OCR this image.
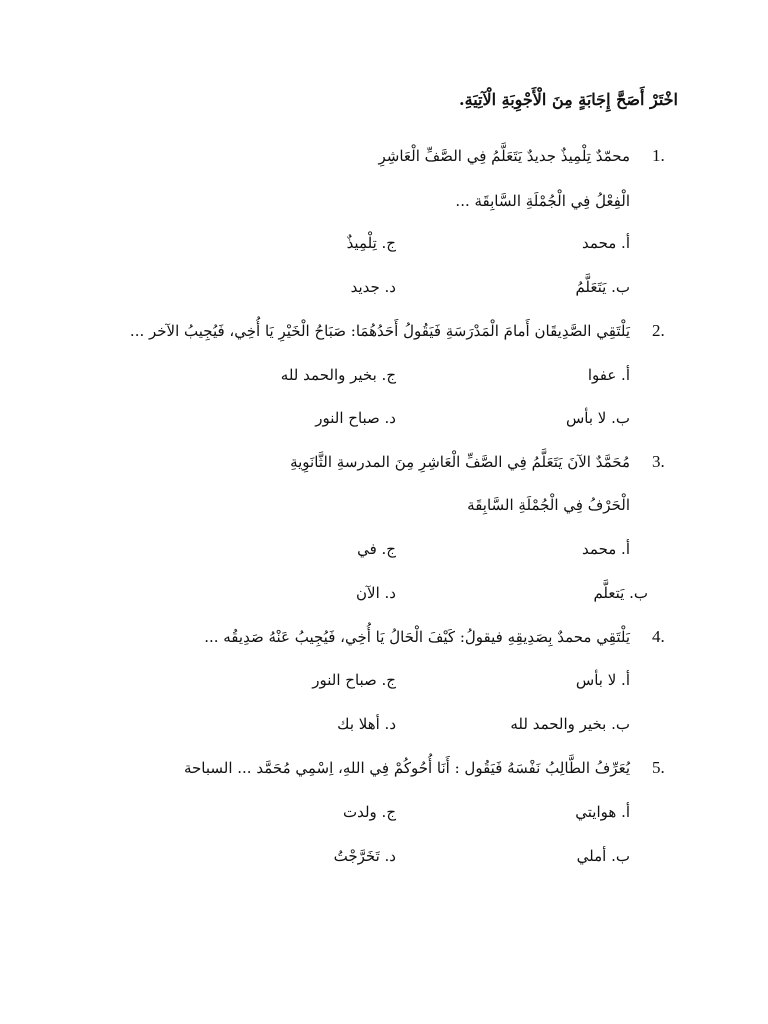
اخْتَرْ أَصَحَّ إِجَابَةٍ مِنَ الْأَجْوِبَةِ الْآتِيَةِ.
1.
محمّدٌ تِلْمِيذٌ جديدٌ يَتَعَلَّمُ فِي الصَّفِّ الْعَاشِرِ
الْفِعْلُ فِي الْجُمْلَةِ السَّابِقَة ...
أ. محمد
ج. تِلْمِيذٌ
ب. يَتَعَلَّمُ
د. جديد
2.
يَلْتَقِي الصَّدِيقَان أَمامَ الْمَدْرَسَةِ فَيَقُولُ أَحَدُهُمَا: صَبَاحُ الْخَيْرِ يَا أُخِي، فَيُجِيبُ الآخر ...
أ. عفوا
ج. بخير والحمد لله
ب. لا بأس
د. صباح النور
3.
مُحَمَّدٌ الآنَ يَتَعَلَّمُ فِي الصَّفِّ الْعَاشِرِ مِنَ المدرسةِ الثَّانَوِيةِ
الْحَرْفُ فِي الْجُمْلَةِ السَّابِقَة
أ. محمد
ج. في
ب. يَتعلَّم
د. الآن
4.
يَلْتَقِي محمدٌ بِصَدِيقِهِ فيقولُ: كَيْفَ الْحَالُ يَا أُخِي، فَيُجِيبُ عَنْهُ صَدِيقُه ...
أ. لا بأس
ج. صباح النور
ب. بخير والحمد لله
د. أهلا بك
5.
يُعَرِّفُ الطَّالِبُ نَفْسَهُ فَيَقُول : أَنَا أُحُوكُمْ فِي اللهِ، اِسْمِي مُحَمَّد ... السباحة
أ. هوايتي
ج. ولدت
ب. أملي
د. تَخَرَّجْتُ
